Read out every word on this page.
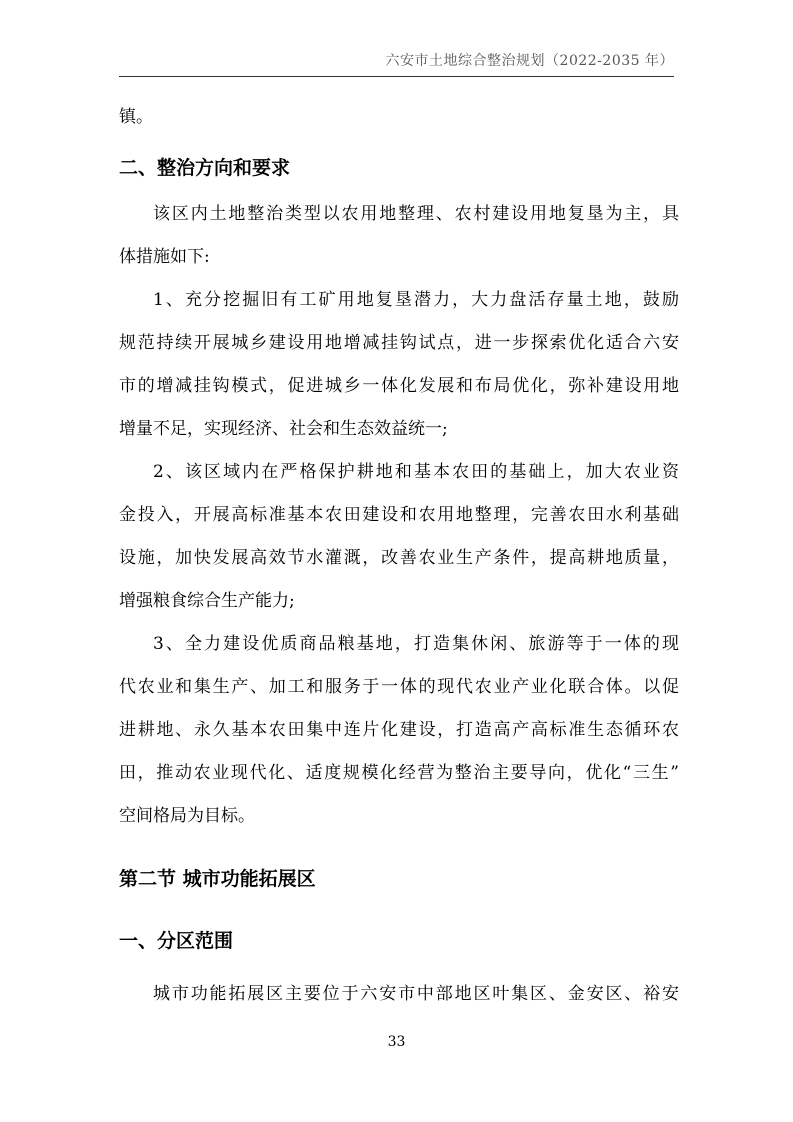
六安市土地综合整治规划（2022-2035 年）
镇。
二、整治方向和要求
该区内土地整治类型以农用地整理、农村建设用地复垦为主，具
体措施如下:
1、充分挖掘旧有工矿用地复垦潜力，大力盘活存量土地，鼓励
规范持续开展城乡建设用地增减挂钩试点，进一步探索优化适合六安
市的增减挂钩模式，促进城乡一体化发展和布局优化，弥补建设用地
增量不足，实现经济、社会和生态效益统一;
2、该区域内在严格保护耕地和基本农田的基础上，加大农业资
金投入，开展高标准基本农田建设和农用地整理，完善农田水利基础
设施，加快发展高效节水灌溉，改善农业生产条件，提高耕地质量，
增强粮食综合生产能力;
3、全力建设优质商品粮基地，打造集休闲、旅游等于一体的现
代农业和集生产、加工和服务于一体的现代农业产业化联合体。以促
进耕地、永久基本农田集中连片化建设，打造高产高标准生态循环农
田，推动农业现代化、适度规模化经营为整治主要导向，优化“三生”
空间格局为目标。
第二节 城市功能拓展区
一、分区范围
城市功能拓展区主要位于六安市中部地区叶集区、金安区、裕安
33
